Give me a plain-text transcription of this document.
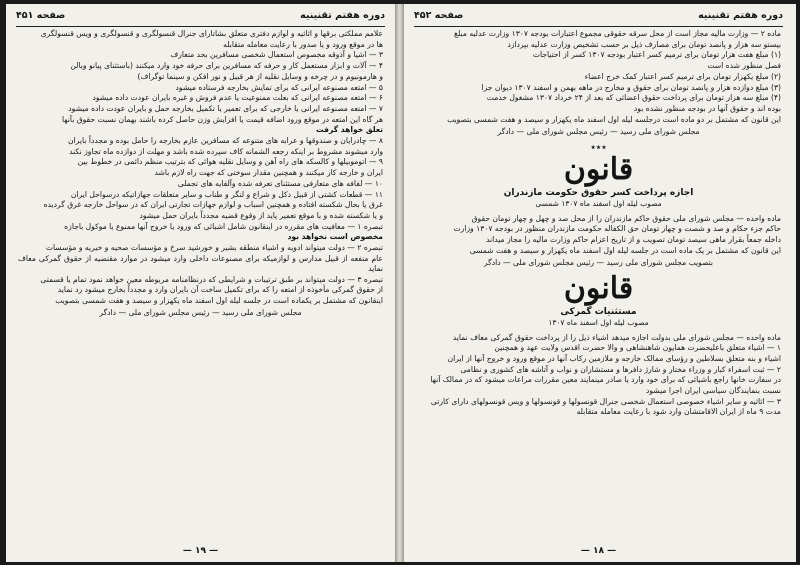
دوره هفتم تقنینیه
صفحه ۴۵۱

علامم مملکتی برقها و اثاثیه و لوازم دفتری متعلق بشاتارای جنرال قنسولگری و قنسولگری و ویس قنسولگری

ها در موقع ورود و یا صدور با رعایت معامله متقابله

۳ — اشیا و آذوقه مخصوص استعمال شخصی مسافرین بحد متعارف

۴ — آلات و ابزار مستعمل کار و حرفه که مسافرین برای حرفه خود وارد میکنند (باستثنای پیانو ویالن

و هارمونیوم و در چرخه و وسایل نقلیه از هر قبیل و نور افکن و سینما توگراف)

۵ — امتعه مصنوعه ایرانی که برای تمایش بخارجه فرستاده میشود

۶ — امتعه مصنوعه ایرانی که بعلت ممنوعیت یا عدم فروش و غیره بایران عودت داده میشود

۷ — امتعه مصنوعه ایرانی یا خارجی که برای تعمیر یا تکمیل بخارجه حمل و بایران عودت داده میشود

هر گاه این امتعه در موقع ورود اضافه قیمت یا افزایش وزن حاصل کرده باشند بهمان نسبت حقوق بآنها

تعلق خواهد گرفت

۸ — چادرایان و صندوقها و عرابه های متنوعه که مسافرین عازم بخارجه را حامل بوده و مجدداً بایران

وارد میشوند مشروط بر اینکه رجعه الشمانه کاف سپرده شده باشد و مهلت از دوازده ماه تجاوز نکند

۹ — اتوموبیلها و کالسکه های راه آهن و وسایل نقلیه هوائی که بترتیب منظم دائمی در خطوط بین

ایران و خارجه کار میکنند و همچنین مقدار سوختی که جهت راه لازم باشد

۱۰ — لفافه های متعارفی مستثنای تعرفه شده وآلفایه های تجملی

۱۱ — قطعات کشتی از قبیل دکل و شراع و لنگر و طناب و سایر متعلقات جهازاتیکه درسواحل ایران

غرق یا بحال شکسته افتاده و همچنین اسباب و لوازم جهازات تجارتی ایران که در سواحل خارجه غرق گردیده

و یا شکسته شده و با موقع تعمیر پاید از وقوع قضیه مجدداً بایران حمل میشود

تبصره ۱ — معافیت های مقرره در اینقانون شامل اشیائی که ورود یا خروج آنها ممنوع یا موکول باجازه

مخصوص است نخواهد بود

تبصره ۲ — دولت میتواند ادویه و اشیاء منطقه بشیر و خورشید سرخ و مؤسسات صحیه و خیریه و مؤسسات

عام منفعه از قبیل مدارس و لوازمیکه برای مصنوعات داخلی وارد میشود در موارد مقتضیه از حقوق گمرکی معاف نماید

تبصره ۳ — دولت میتواند بر طبق ترتیبات و شرایطی که درنظامنامه مربوطه معین خواهد نمود تمام یا قسمتی

از حقوق گمرکی مأخوذه از امتعه را که برای تکمیل ساخت آن بایران وارد و مجدداً بخارج میشود رد نماید

اینقانون که مشتمل بر یکماده است در جلسه لیله اول اسفند ماه یکهزار و سیصد و هفت شمسی بتصویب

مجلس شورای ملی رسید — رئیس مجلس شورای ملی — دادگر

— ۱۹ —
دوره هفتم تقنینیه
صفحه ۴۵۲

ماده ۲ — وزارت مالیه مجاز است از محل سرقه حقوقی مجموع اعتبارات بودجه ۱۳۰۷ وزارت عدلیه مبلغ

بیستو سه هزار و پانصد تومان برای مصارف ذیل بر حسب تشخیص وزارت عدلیه بپردازد

(۱) مبلغ هفت هزار تومان برای ترمیم کسر اعتبار بودجه ۱۳۰۷ کسر از احتیاجات

فصل منظور شده است

(۲) مبلغ یکهزار تومان برای ترمیم کسر اعتبار کمک خرج اعضاء

(۳) مبلغ دوازده هزار و پانصد تومان برای حقوق و مخارج در ماهه بهمن و اسفند ۱۳۰۷ دیوان جزا

(۴) مبلغ سه هزار تومان برای پرداخت حقوق اعضائی که بعد از ۲۴ خرداد ۱۳۰۷ مشغول خدمت

بوده اند و حقوق آنها در بودجه منظور نشده بود

این قانون که مشتمل بر دو ماده است درجلسه لیله اول اسفند ماه یکهزار و سیصد و هفت شمسی بتصویب

مجلس شورای ملی رسید — رئیس مجلس شورای ملی — دادگر

٭٭٭
قانون
اجازه پرداخت کسر حقوق حکومت مازندران
مصوب لیله اول اسفند ماه ۱۳۰۷ شمسی

ماده واحده — مجلس شورای ملی حقوق حاکم مازندران را از محل صد و چهل و چهار تومان حقوق

حاکم جزء حکام و صد و شصت و چهار تومان حق الکفاله حکومت مازندران منظور در بودجه ۱۳۰۷ وزارت

داخله جمعاً بقرار ماهی سیصد تومان تصویب و از تاریخ اعزام حاکم وزارت مالیه را مجاز میداند

این قانون که مشتمل بر یک ماده است در جلسه لیله اول اسفند ماه یکهزار و سیصد و هفت شمسی

بتصویب مجلس شورای ملی رسید — رئیس مجلس شورای ملی — دادگر

قانون
مستثنیات گمرکی
مصوب لیله اول اسفند ماه ۱۳۰۷

ماده واحده — مجلس شورای ملی بدولت اجازه میدهد اشیاء ذیل را از پرداخت حقوق گمرکی معاف نماید

۱ — اشیاء متعلق باعلیحضرت همایون شاهنشاهی و والا حضرت اقدس ولایت عهد و همچنین

اشیاء و بنه متعلق بسلاطین و رؤسای ممالک خارجه و ملازمین رکاب آنها در موقع ورود و خروج آنها از ایران

۲ — ثبت اسفراء کبار و وزراء مختار و شارژ دافرها و مستشاران و نواب و آتاشه های کشوری و نظامی

در سفارت خانها راجع باشیائی که برای خود وارد یا صادر مینمایند معین مقررات مراعات میشود که در ممالک آنها

نسبت بنمایندگان سیاسی ایران اجرا میشود

۳ — اثاثیه و سایر اشیاء خصوصی استعمال شخصی جنرال قونسولها و قونسولها و ویس قونسولهای دارای کارتی

مدت ۹ ماه از ایران الاقامتشان وارد شود با رعایت معامله متقابله

— ۱۸ —
